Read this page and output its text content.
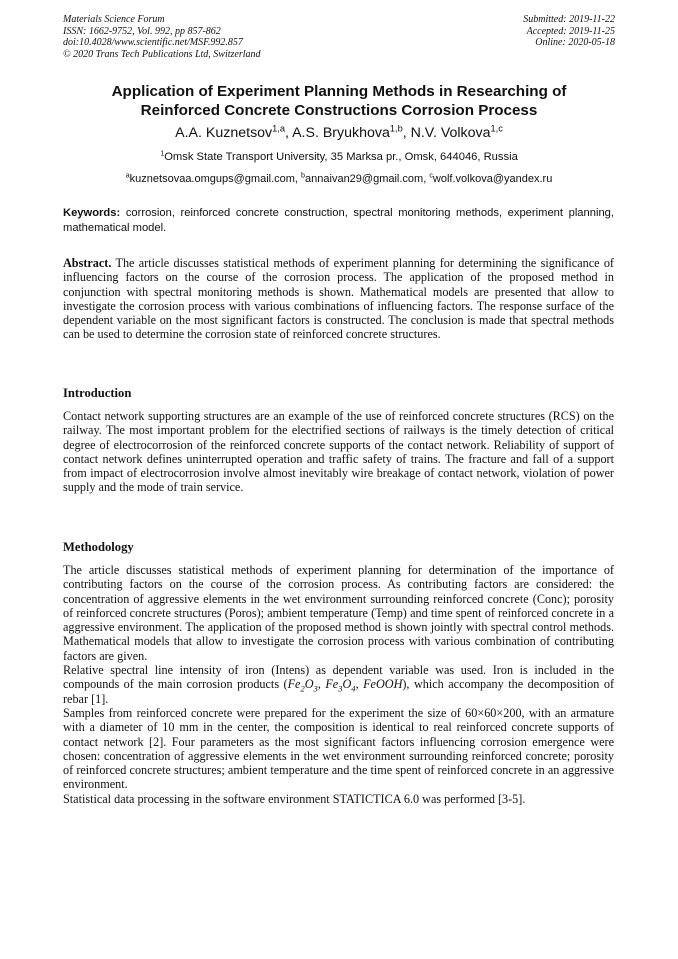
Materials Science Forum
ISSN: 1662-9752, Vol. 992, pp 857-862
doi:10.4028/www.scientific.net/MSF.992.857
© 2020 Trans Tech Publications Ltd, Switzerland
Submitted: 2019-11-22
Accepted: 2019-11-25
Online: 2020-05-18
Application of Experiment Planning Methods in Researching of
Reinforced Concrete Constructions Corrosion Process
A.A. Kuznetsov$^{1,a}$, A.S. Bryukhova$^{1,b}$, N.V. Volkova$^{1,c}$
$^1$Omsk State Transport University, 35 Marksa pr., Omsk, 644046, Russia
$^a$kuznetsovaa.omgups@gmail.com, $^b$annaivan29@gmail.com, $^c$wolf.volkova@yandex.ru
Keywords: corrosion, reinforced concrete construction, spectral monitoring methods, experiment planning, mathematical model.
Abstract. The article discusses statistical methods of experiment planning for determining the significance of influencing factors on the course of the corrosion process. The application of the proposed method in conjunction with spectral monitoring methods is shown. Mathematical models are presented that allow to investigate the corrosion process with various combinations of influencing factors. The response surface of the dependent variable on the most significant factors is constructed. The conclusion is made that spectral methods can be used to determine the corrosion state of reinforced concrete structures.
Introduction
Contact network supporting structures are an example of the use of reinforced concrete structures (RCS) on the railway. The most important problem for the electrified sections of railways is the timely detection of critical degree of electrocorrosion of the reinforced concrete supports of the contact network. Reliability of support of contact network defines uninterrupted operation and traffic safety of trains. The fracture and fall of a support from impact of electrocorrosion involve almost inevitably wire breakage of contact network, violation of power supply and the mode of train service.
Methodology

The article discusses statistical methods of experiment planning for determination of the importance of contributing factors on the course of the corrosion process. As contributing factors are considered: the concentration of aggressive elements in the wet environment surrounding reinforced concrete (Conc); porosity of reinforced concrete structures (Poros); ambient temperature (Temp) and time spent of reinforced concrete in a aggressive environment. The application of the proposed method is shown jointly with spectral control methods. Mathematical models that allow to investigate the corrosion process with various combination of contributing factors are given.

Relative spectral line intensity of iron (Intens) as dependent variable was used. Iron is included in the compounds of the main corrosion products ($Fe_2O_3$, $Fe_3O_4$, FeOOH), which accompany the decomposition of rebar [1].

Samples from reinforced concrete were prepared for the experiment the size of 60×60×200, with an armature with a diameter of 10 mm in the center, the composition is identical to real reinforced concrete supports of contact network [2]. Four parameters as the most significant factors influencing corrosion emergence were chosen: concentration of aggressive elements in the wet environment surrounding reinforced concrete; porosity of reinforced concrete structures; ambient temperature and the time spent of reinforced concrete in an aggressive environment.

Statistical data processing in the software environment STATICTICA 6.0 was performed [3-5].
